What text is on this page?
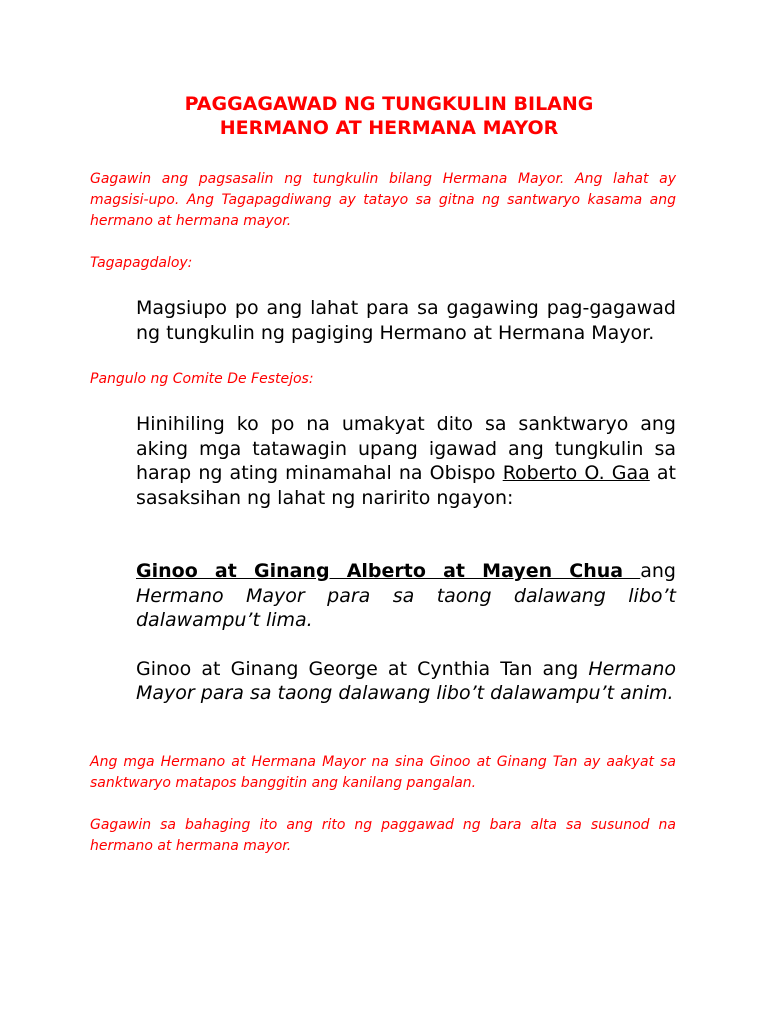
PAGGAGAWAD NG TUNGKULIN BILANG
HERMANO AT HERMANA MAYOR

Gagawin ang pagsasalin ng tungkulin bilang Hermana Mayor. Ang lahat ay magsisi-upo. Ang Tagapagdiwang ay tatayo sa gitna ng santwaryo kasama ang hermano at hermana mayor.

Tagapagdaloy:

Magsiupo po ang lahat para sa gagawing pag-gagawad ng tungkulin ng pagiging Hermano at Hermana Mayor.

Pangulo ng Comite De Festejos:

Hinihiling ko po na umakyat dito sa sanktwaryo ang aking mga tatawagin upang igawad ang tungkulin sa harap ng ating minamahal na Obispo Roberto O. Gaa at sasaksihan ng lahat ng naririto ngayon:

Ginoo at Ginang Alberto at Mayen Chua ang Hermano Mayor para sa taong dalawang libo’t dalawampu’t lima.

Ginoo at Ginang George at Cynthia Tan ang Hermano Mayor para sa taong dalawang libo’t dalawampu’t anim.

Ang mga Hermano at Hermana Mayor na sina Ginoo at Ginang Tan ay aakyat sa sanktwaryo matapos banggitin ang kanilang pangalan.

Gagawin sa bahaging ito ang rito ng paggawad ng bara alta sa susunod na hermano at hermana mayor.
